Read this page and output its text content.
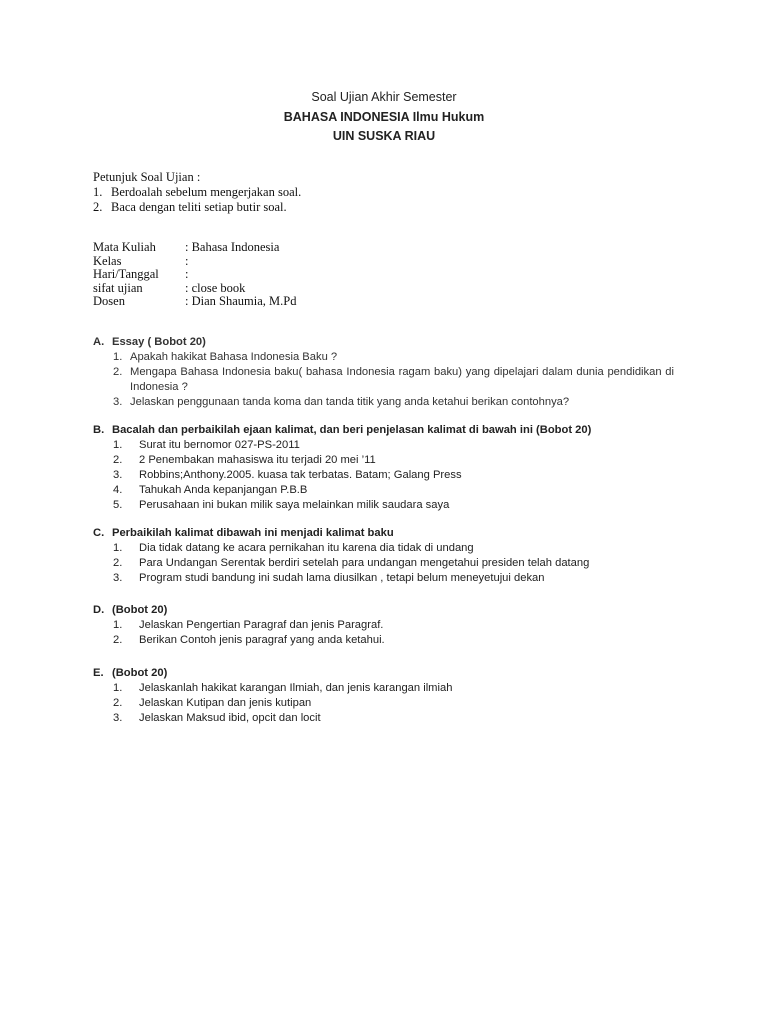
Soal Ujian Akhir Semester
BAHASA INDONESIA Ilmu Hukum
UIN SUSKA RIAU
Petunjuk Soal Ujian :
1. Berdoalah sebelum mengerjakan soal.
2. Baca dengan teliti setiap butir soal.
Mata Kuliah	: Bahasa Indonesia
Kelas	:
Hari/Tanggal	:
sifat ujian	: close book
Dosen	: Dian Shaumia, M.Pd
A. Essay ( Bobot 20)
1. Apakah hakikat Bahasa Indonesia Baku ?
2. Mengapa Bahasa Indonesia baku( bahasa Indonesia ragam baku) yang dipelajari dalam dunia pendidikan di Indonesia ?
3. Jelaskan penggunaan tanda koma dan tanda titik yang anda ketahui berikan contohnya?
B. Bacalah dan perbaikilah ejaan kalimat, dan beri penjelasan kalimat di bawah ini (Bobot 20)
1.	Surat itu bernomor 027-PS-2011
2.	2 Penembakan mahasiswa itu terjadi 20 mei ’11
3.	Robbins;Anthony.2005. kuasa tak terbatas. Batam; Galang Press
4.	Tahukah Anda kepanjangan P.B.B
5.	Perusahaan ini bukan milik saya melainkan milik saudara saya
C. Perbaikilah kalimat dibawah ini menjadi kalimat baku
1.	Dia tidak datang ke acara pernikahan itu karena dia tidak di undang
2.	Para Undangan Serentak berdiri setelah para undangan mengetahui presiden telah datang
3.	Program studi bandung ini sudah lama diusilkan , tetapi belum meneyetujui dekan
D. (Bobot 20)
1.	Jelaskan Pengertian Paragraf dan jenis Paragraf.
2.	Berikan Contoh jenis paragraf yang anda ketahui.
E. (Bobot 20)
1.	Jelaskanlah hakikat karangan Ilmiah, dan jenis karangan ilmiah
2.	Jelaskan Kutipan dan jenis kutipan
3.	Jelaskan Maksud ibid, opcit dan locit
